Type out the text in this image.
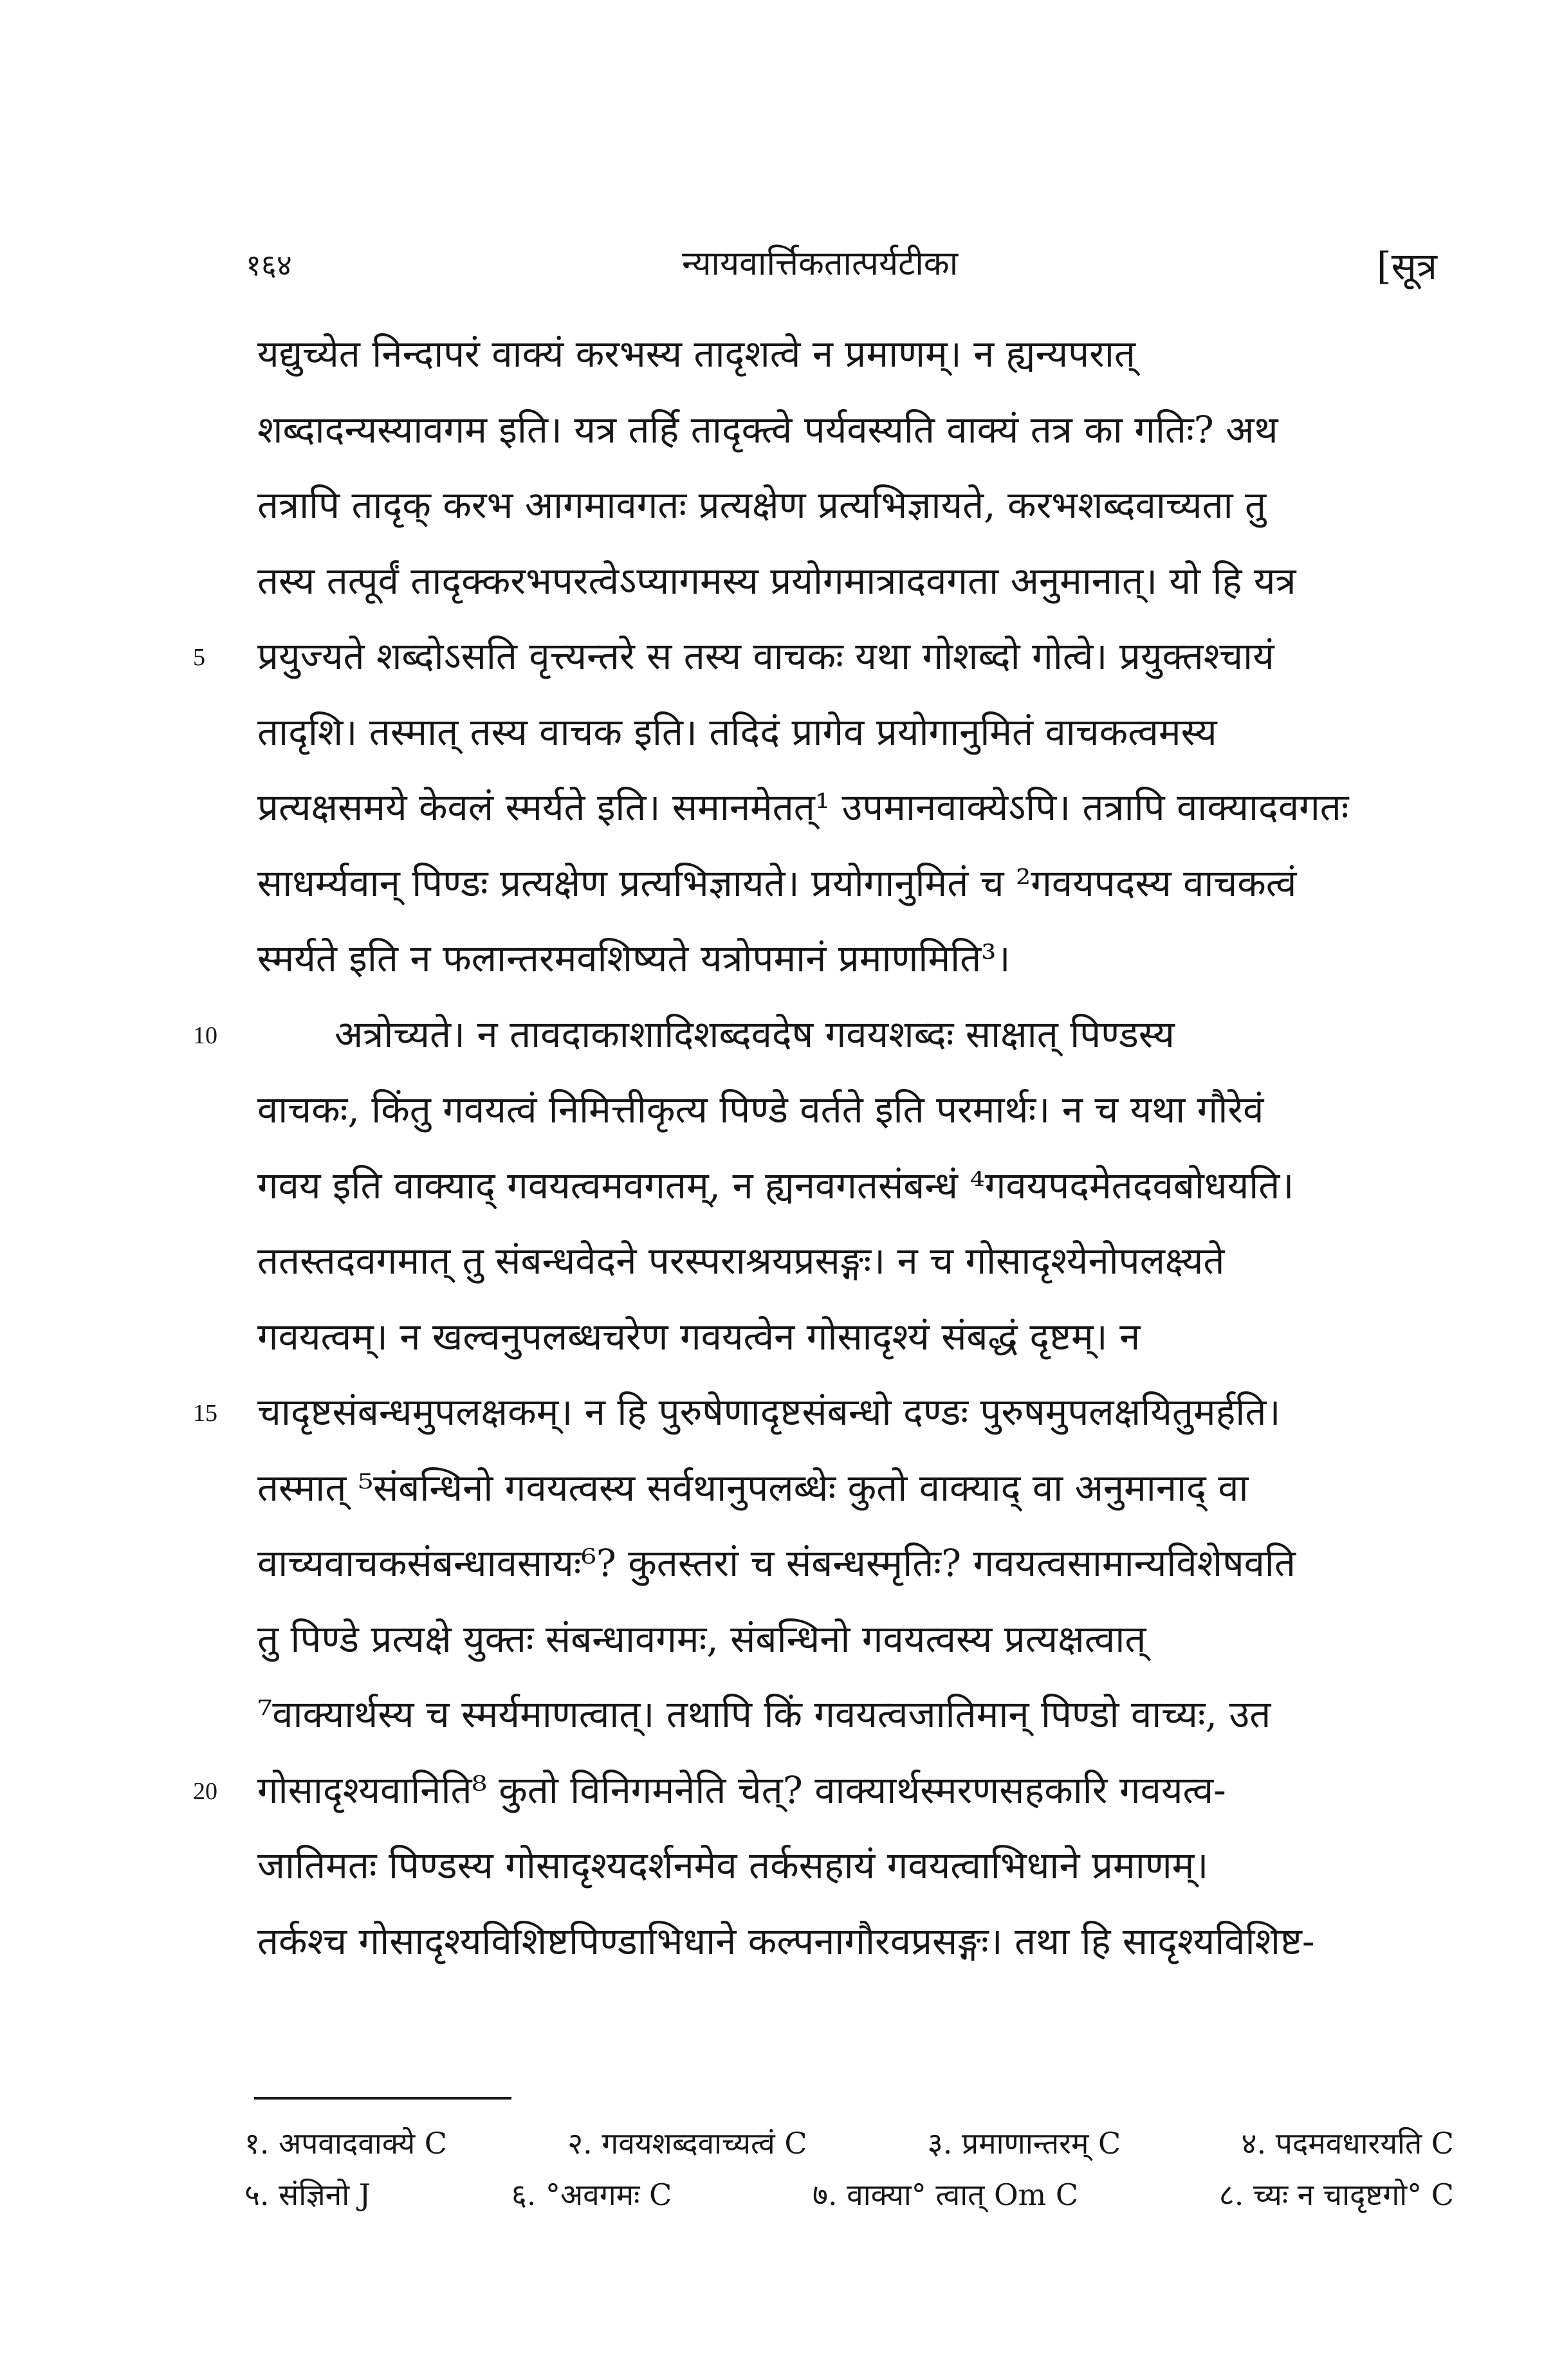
१६४	न्यायवार्त्तिकतात्पर्यटीका	[सूत्र
यद्युच्येत निन्दापरं वाक्यं करभस्य तादृशत्वे न प्रमाणम्। न ह्यन्यपरात्
शब्दादन्यस्यावगम इति। यत्र तर्हि तादृक्त्वे पर्यवस्यति वाक्यं तत्र का गतिः? अथ
तत्रापि तादृक् करभ आगमावगतः प्रत्यक्षेण प्रत्यभिज्ञायते, करभशब्दवाच्यता तु
तस्य तत्पूर्वं तादृक्करभपरत्वेऽप्यागमस्य प्रयोगमात्रादवगता अनुमानात्। यो हि यत्र
5 प्रयुज्यते शब्दोऽसति वृत्त्यन्तरे स तस्य वाचकः यथा गोशब्दो गोत्वे। प्रयुक्तश्चायं
तादृशि। तस्मात् तस्य वाचक इति। तदिदं प्रागेव प्रयोगानुमितं वाचकत्वमस्य
प्रत्यक्षसमये केवलं स्मर्यते इति। समानमेतत्¹ उपमानवाक्येऽपि। तत्रापि वाक्यादवगतः
साधर्म्यवान् पिण्डः प्रत्यक्षेण प्रत्यभिज्ञायते। प्रयोगानुमितं च ²गवयपदस्य वाचकत्वं
स्मर्यते इति न फलान्तरमवशिष्यते यत्रोपमानं प्रमाणमिति³।
10	अत्रोच्यते। न तावदाकाशादिशब्दवदेष गवयशब्दः साक्षात् पिण्डस्य
वाचकः, किंतु गवयत्वं निमित्तीकृत्य पिण्डे वर्तते इति परमार्थः। न च यथा गौरेवं
गवय इति वाक्याद् गवयत्वमवगतम्, न ह्यनवगतसंबन्धं ⁴गवयपदमेतदवबोधयति।
ततस्तदवगमात् तु संबन्धवेदने परस्पराश्रयप्रसङ्गः। न च गोसादृश्येनोपलक्ष्यते
गवयत्वम्। न खल्वनुपलब्धचरेण गवयत्वेन गोसादृश्यं संबद्धं दृष्टम्। न
15 चादृष्टसंबन्धमुपलक्षकम्। न हि पुरुषेणादृष्टसंबन्धो दण्डः पुरुषमुपलक्षयितुमर्हति।
तस्मात् ⁵संबन्धिनो गवयत्वस्य सर्वथानुपलब्धेः कुतो वाक्याद् वा अनुमानाद् वा
वाच्यवाचकसंबन्धावसायः⁶? कुतस्तरां च संबन्धस्मृतिः? गवयत्वसामान्यविशेषवति
तु पिण्डे प्रत्यक्षे युक्तः संबन्धावगमः, संबन्धिनो गवयत्वस्य प्रत्यक्षत्वात्
⁷वाक्यार्थस्य च स्मर्यमाणत्वात्। तथापि किं गवयत्वजातिमान् पिण्डो वाच्यः, उत
20 गोसादृश्यवानिति⁸ कुतो विनिगमनेति चेत्? वाक्यार्थस्मरणसहकारि गवयत्व-
जातिमतः पिण्डस्य गोसादृश्यदर्शनमेव तर्कसहायं गवयत्वाभिधाने प्रमाणम्।
तर्कश्च गोसादृश्यविशिष्टपिण्डाभिधाने कल्पनागौरवप्रसङ्गः। तथा हि सादृश्यविशिष्ट-
१. अपवादवाक्ये C	२. गवयशब्दवाच्यत्वं C	३. प्रमाणान्तरम् C	४. पदमवधारयति C
५. संज्ञिनो J	६. °अवगमः C	७. वाक्या° त्वात् Om C	८. च्यः न चादृष्टगो° C
